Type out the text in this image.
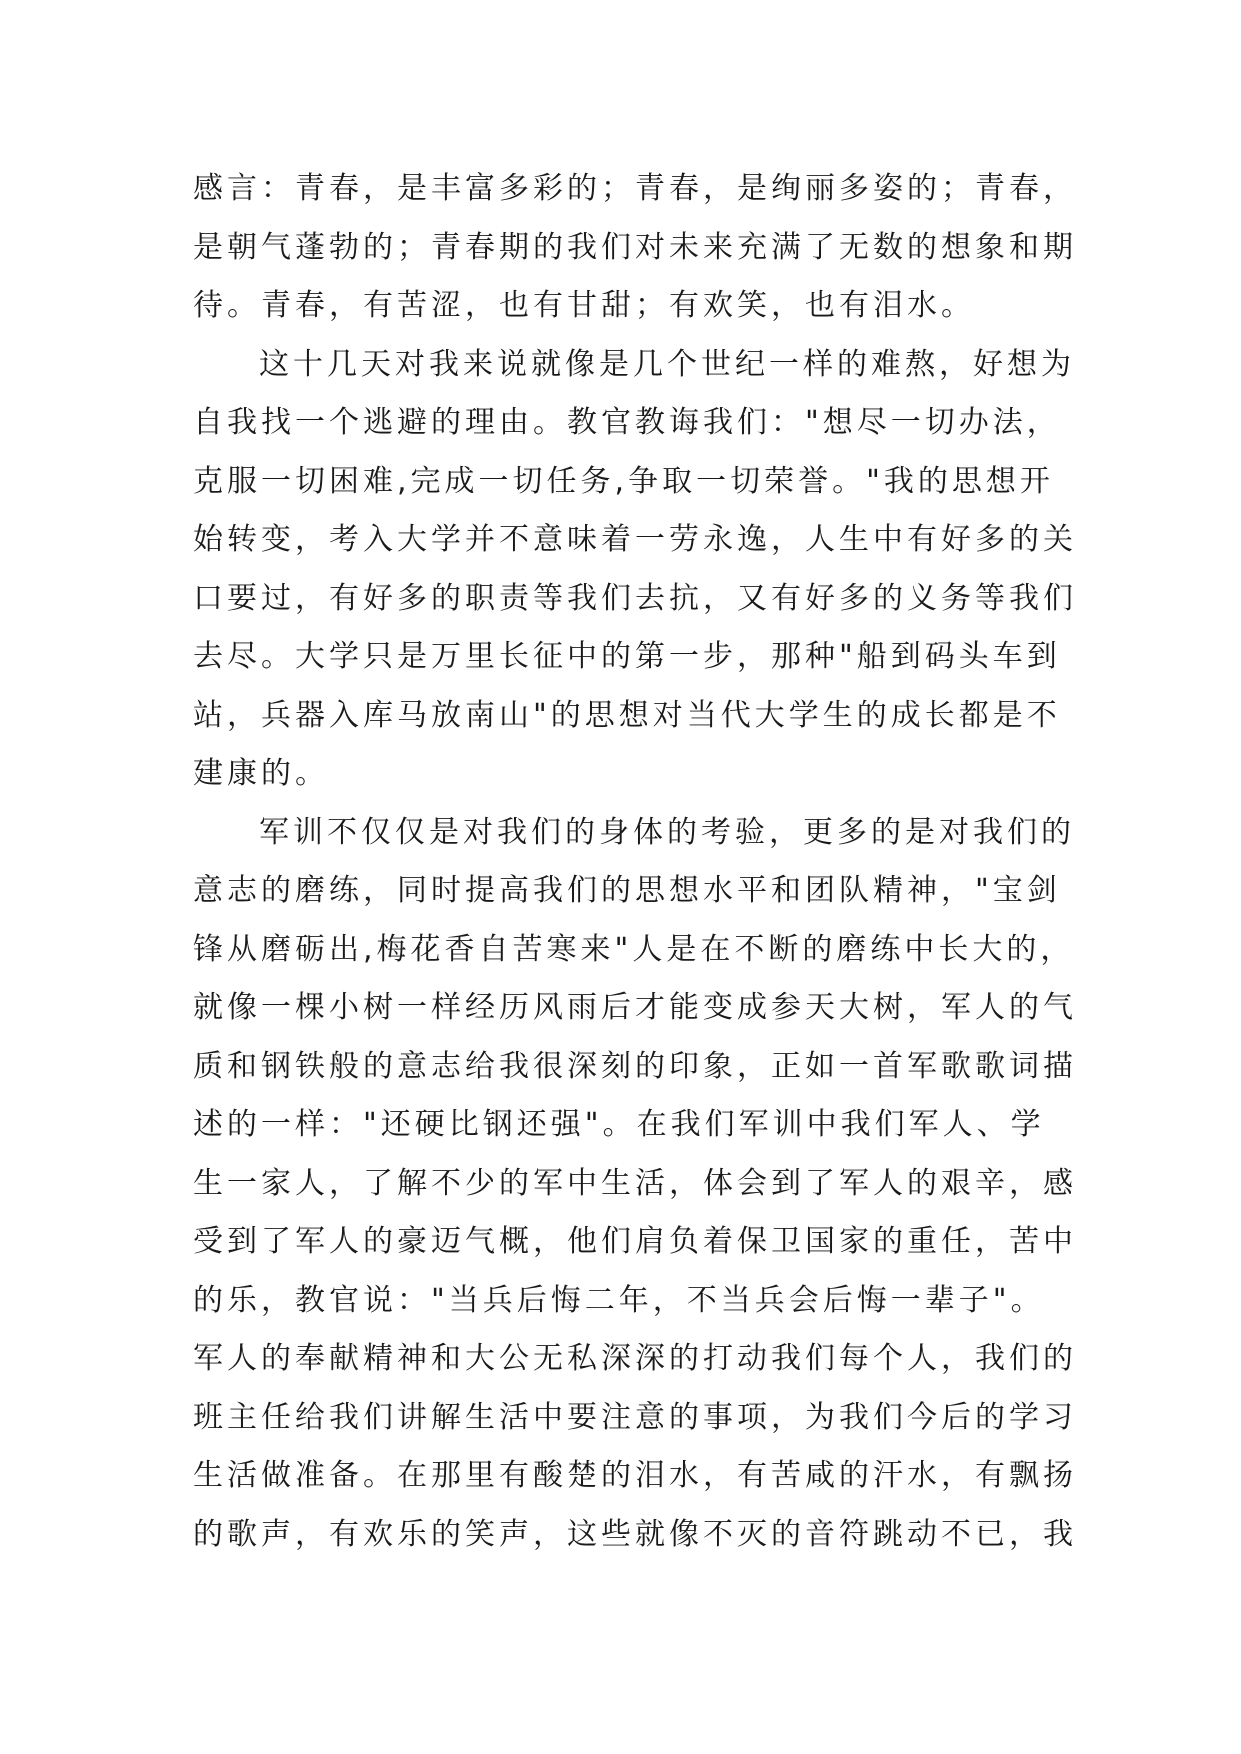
感言：青春，是丰富多彩的；青春，是绚丽多姿的；青春，
是朝气蓬勃的；青春期的我们对未来充满了无数的想象和期
待。青春，有苦涩，也有甘甜；有欢笑，也有泪水。
这十几天对我来说就像是几个世纪一样的难熬，好想为
自我找一个逃避的理由。教官教诲我们："想尽一切办法，
克服一切困难,完成一切任务,争取一切荣誉。"我的思想开
始转变，考入大学并不意味着一劳永逸，人生中有好多的关
口要过，有好多的职责等我们去抗，又有好多的义务等我们
去尽。大学只是万里长征中的第一步，那种"船到码头车到
站，兵器入库马放南山"的思想对当代大学生的成长都是不
建康的。
军训不仅仅是对我们的身体的考验，更多的是对我们的
意志的磨练，同时提高我们的思想水平和团队精神，"宝剑
锋从磨砺出,梅花香自苦寒来"人是在不断的磨练中长大的，
就像一棵小树一样经历风雨后才能变成参天大树，军人的气
质和钢铁般的意志给我很深刻的印象，正如一首军歌歌词描
述的一样："还硬比钢还强"。在我们军训中我们军人、学
生一家人，了解不少的军中生活，体会到了军人的艰辛，感
受到了军人的豪迈气概，他们肩负着保卫国家的重任，苦中
的乐，教官说："当兵后悔二年，不当兵会后悔一辈子"。
军人的奉献精神和大公无私深深的打动我们每个人，我们的
班主任给我们讲解生活中要注意的事项，为我们今后的学习
生活做准备。在那里有酸楚的泪水，有苦咸的汗水，有飘扬
的歌声，有欢乐的笑声，这些就像不灭的音符跳动不已，我
